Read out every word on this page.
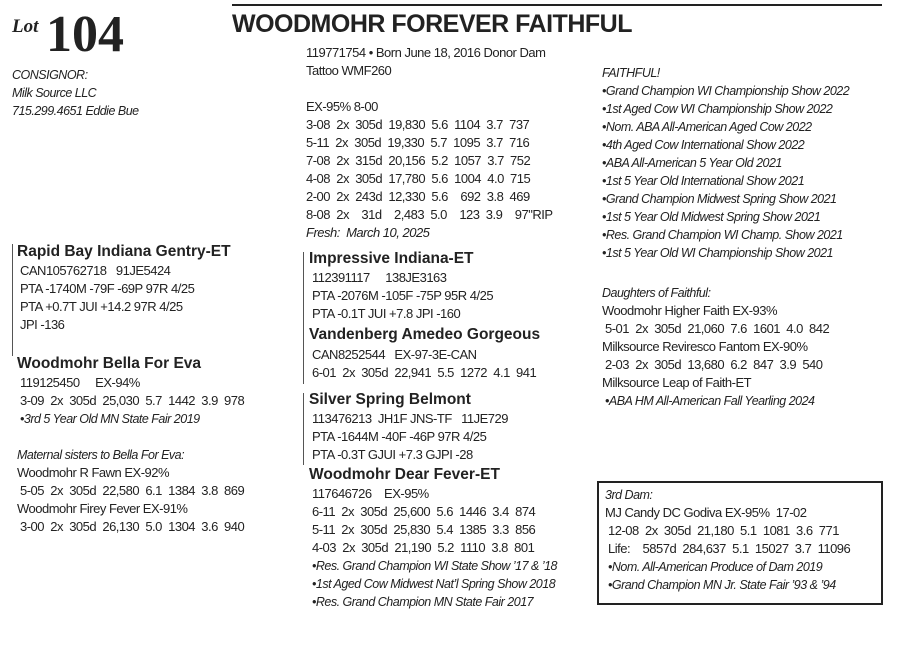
Lot 104	WOODMOHR FOREVER FAITHFUL
CONSIGNOR:
Milk Source LLC
715.299.4651 Eddie Bue
119771754 • Born June 18, 2016 Donor Dam
Tattoo WMF260
EX-95% 8-00
3-08  2x  305d  19,830  5.6  1104  3.7  737
5-11  2x  305d  19,330  5.7  1095  3.7  716
7-08  2x  315d  20,156  5.2  1057  3.7  752
4-08  2x  305d  17,780  5.6  1004  4.0  715
2-00  2x  243d  12,330  5.6    692  3.8  469
8-08  2x    31d    2,483  5.0    123  3.9    97"RIP
Fresh:  March 10, 2025
FAITHFUL!
•Grand Champion WI Championship Show 2022
•1st Aged Cow WI Championship Show 2022
•Nom. ABA All-American Aged Cow 2022
•4th Aged Cow International Show 2022
•ABA All-American 5 Year Old 2021
•1st 5 Year Old International Show 2021
•Grand Champion Midwest Spring Show 2021
•1st 5 Year Old Midwest Spring Show 2021
•Res. Grand Champion WI Champ. Show 2021
•1st 5 Year Old WI Championship Show 2021
Daughters of Faithful:
Woodmohr Higher Faith EX-93%
5-01  2x  305d  21,060  7.6  1601  4.0  842
Milksource Reviresco Fantom EX-90%
2-03  2x  305d  13,680  6.2  847  3.9  540
Milksource Leap of Faith-ET
•ABA HM All-American Fall Yearling 2024
Rapid Bay Indiana Gentry-ET
CAN105762718   91JE5424
PTA -1740M -79F -69P 97R 4/25
PTA +0.7T JUI +14.2 97R 4/25
JPI -136
Woodmohr Bella For Eva
119125450     EX-94%
3-09  2x  305d  25,030  5.7  1442  3.9  978
•3rd 5 Year Old MN State Fair 2019
Maternal sisters to Bella For Eva:
Woodmohr R Fawn EX-92%
5-05  2x  305d  22,580  6.1  1384  3.8  869
Woodmohr Firey Fever EX-91%
3-00  2x  305d  26,130  5.0  1304  3.6  940
Impressive Indiana-ET
112391117     138JE3163
PTA -2076M -105F -75P 95R 4/25
PTA -0.1T JUI +7.8 JPI -160
Vandenberg Amedeo Gorgeous
CAN8252544   EX-97-3E-CAN
6-01  2x  305d  22,941  5.5  1272  4.1  941
Silver Spring Belmont
113476213  JH1F JNS-TF   11JE729
PTA -1644M -40F -46P 97R 4/25
PTA -0.3T GJUI +7.3 GJPI -28
Woodmohr Dear Fever-ET
117646726    EX-95%
6-11  2x  305d  25,600  5.6  1446  3.4  874
5-11  2x  305d  25,830  5.4  1385  3.3  856
4-03  2x  305d  21,190  5.2  1110  3.8  801
•Res. Grand Champion WI State Show ’17 & ’18
•1st Aged Cow Midwest Nat’l Spring Show 2018
•Res. Grand Champion MN State Fair 2017
3rd Dam:
MJ Candy DC Godiva EX-95%  17-02
12-08  2x  305d  21,180  5.1  1081  3.6  771
Life:    5857d  284,637  5.1  15027  3.7  11096
•Nom. All-American Produce of Dam 2019
•Grand Champion MN Jr. State Fair ’93 & ’94
